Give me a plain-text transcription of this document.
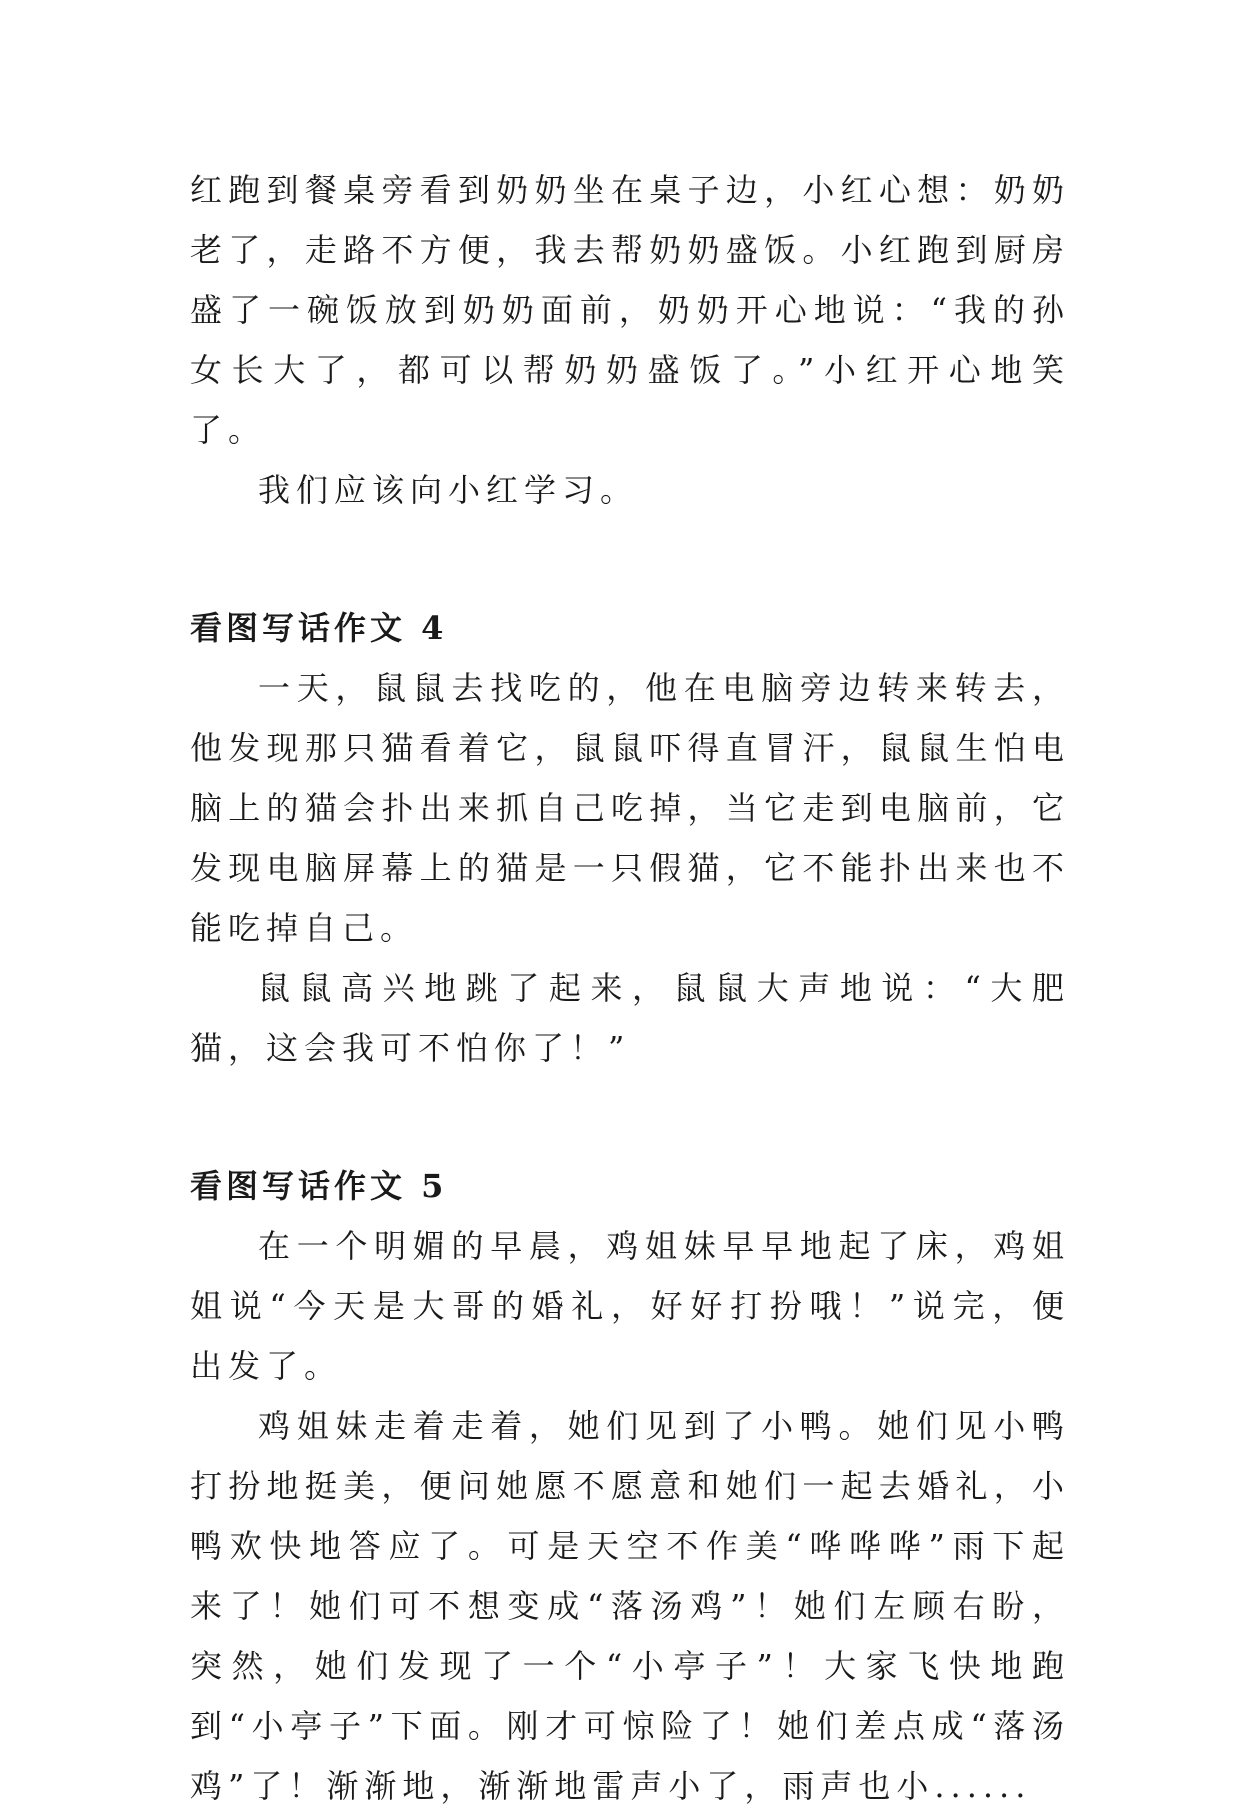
红跑到餐桌旁看到奶奶坐在桌子边，小红心想：奶奶老了，走路不方便，我去帮奶奶盛饭。小红跑到厨房盛了一碗饭放到奶奶面前，奶奶开心地说：“我的孙女长大了，都可以帮奶奶盛饭了。”小红开心地笑了。

我们应该向小红学习。

看图写话作文 4

一天，鼠鼠去找吃的，他在电脑旁边转来转去，他发现那只猫看着它，鼠鼠吓得直冒汗，鼠鼠生怕电脑上的猫会扑出来抓自己吃掉，当它走到电脑前，它发现电脑屏幕上的猫是一只假猫，它不能扑出来也不能吃掉自己。

鼠鼠高兴地跳了起来，鼠鼠大声地说：“大肥猫，这会我可不怕你了！”

看图写话作文 5

在一个明媚的早晨，鸡姐妹早早地起了床，鸡姐姐说“今天是大哥的婚礼，好好打扮哦！”说完，便出发了。

鸡姐妹走着走着，她们见到了小鸭。她们见小鸭打扮地挺美，便问她愿不愿意和她们一起去婚礼，小鸭欢快地答应了。可是天空不作美“哗哗哗”雨下起来了！她们可不想变成“落汤鸡”！她们左顾右盼，突然，她们发现了一个“小亭子”！大家飞快地跑到“小亭子”下面。刚才可惊险了！她们差点成“落汤鸡”了！渐渐地，渐渐地雷声小了，雨声也小......
